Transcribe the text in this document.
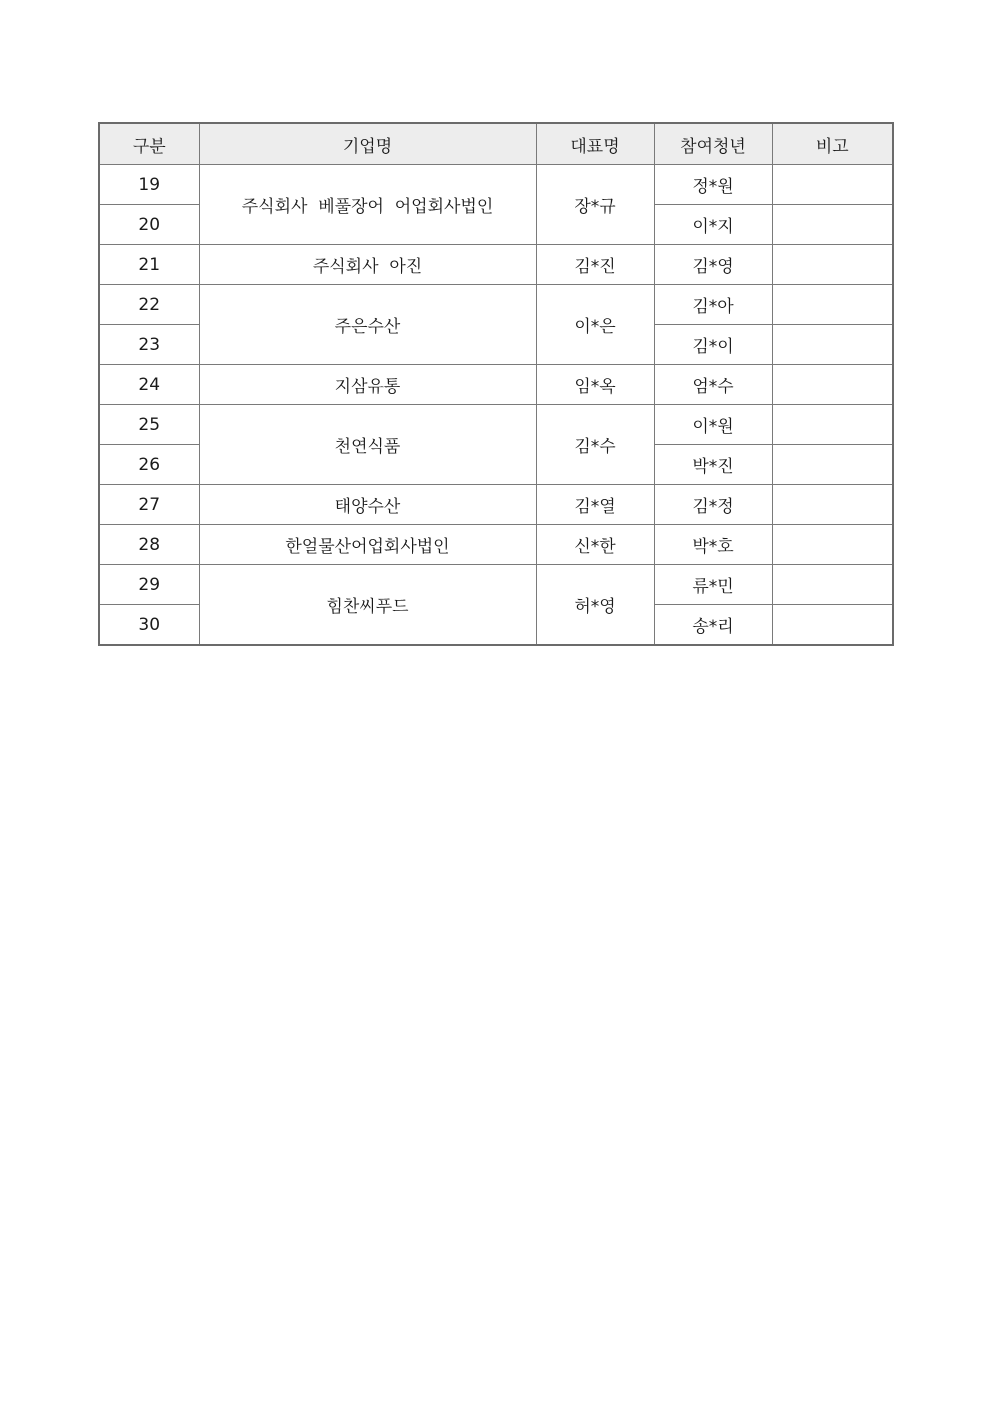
구분	기업명	대표명	참여청년	비고
19	주식회사  베풀장어  어업회사법인	장*규	정*원	
20			이*지	
21	주식회사  아진	김*진	김*영	
22	주은수산	이*은	김*아	
23			김*이	
24	지삼유통	임*옥	엄*수	
25	천연식품	김*수	이*원	
26			박*진	
27	태양수산	김*열	김*정	
28	한얼물산어업회사법인	신*한	박*호	
29	힘찬씨푸드	허*영	류*민	
30			송*리	
